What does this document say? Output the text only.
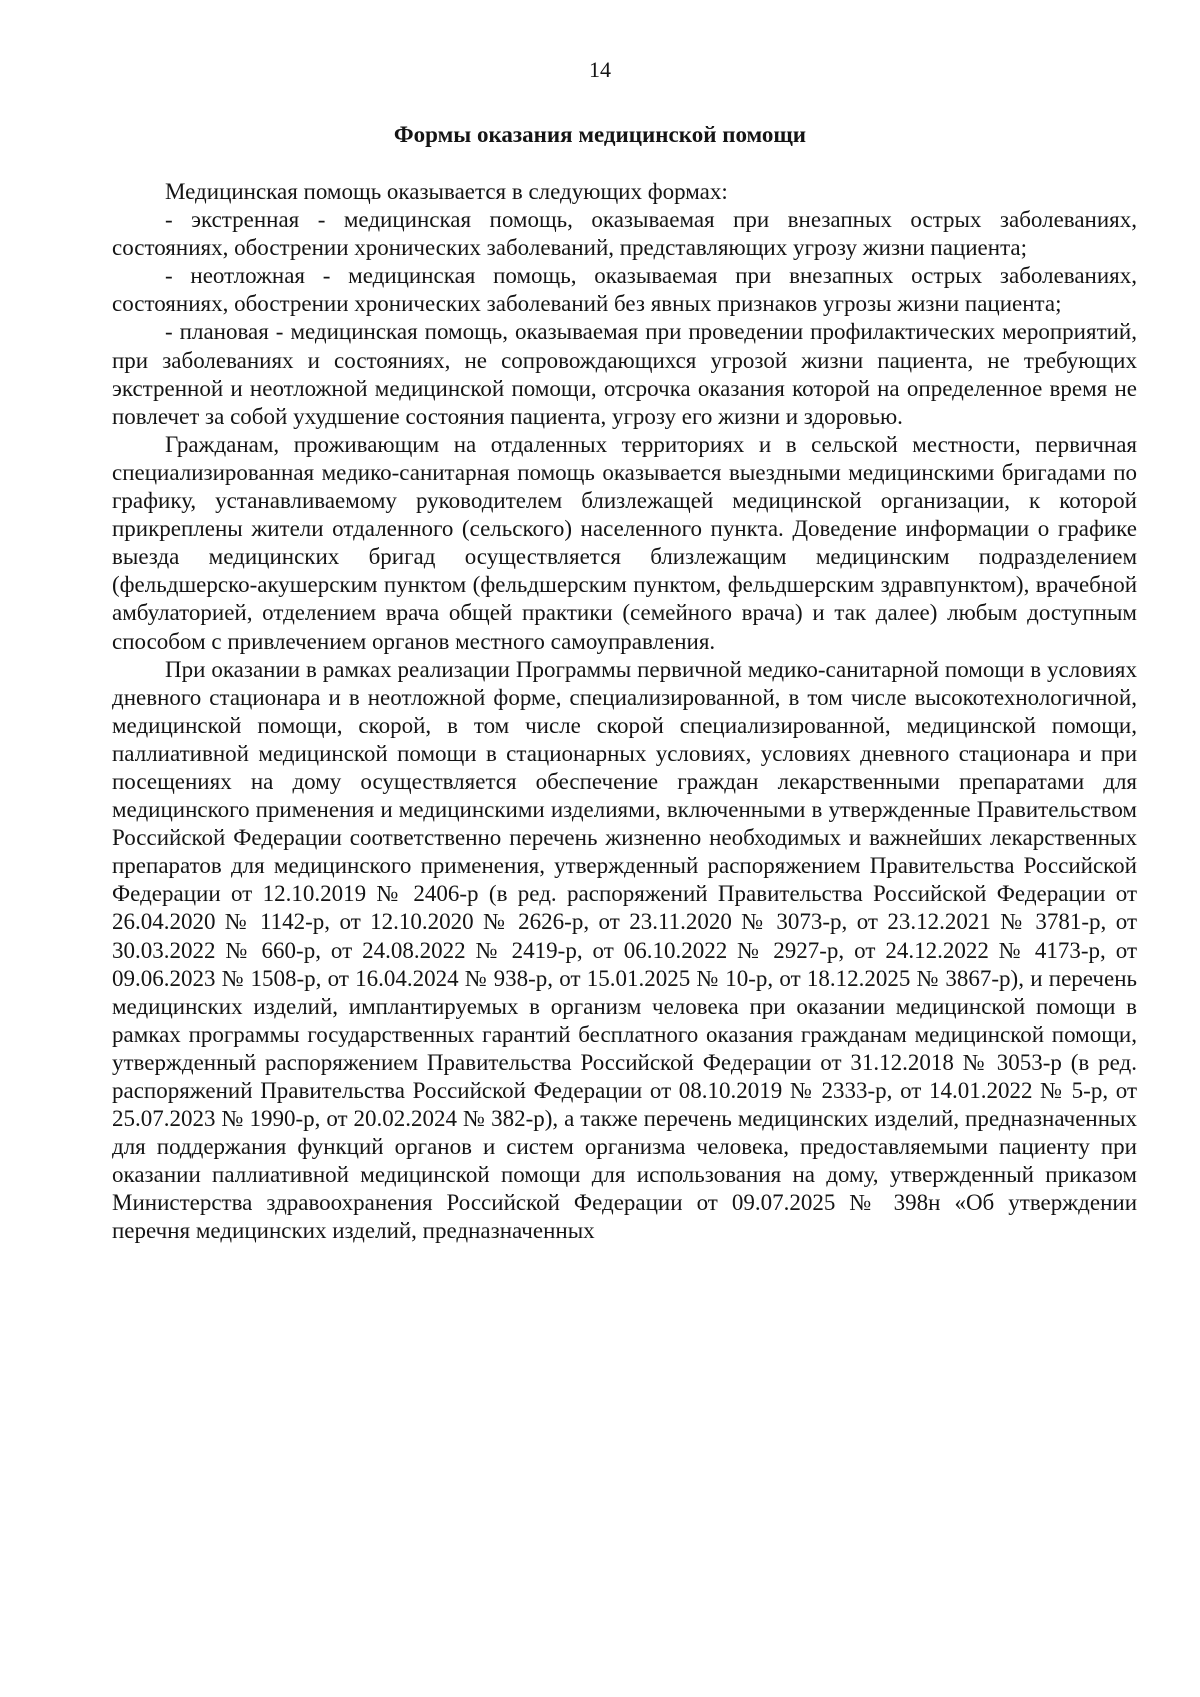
14
Формы оказания медицинской помощи

Медицинская помощь оказывается в следующих формах:

- экстренная - медицинская помощь, оказываемая при внезапных острых заболеваниях, состояниях, обострении хронических заболеваний, представляющих угрозу жизни пациента;

- неотложная - медицинская помощь, оказываемая при внезапных острых заболеваниях, состояниях, обострении хронических заболеваний без явных признаков угрозы жизни пациента;

- плановая - медицинская помощь, оказываемая при проведении профилактических мероприятий, при заболеваниях и состояниях, не сопровождающихся угрозой жизни пациента, не требующих экстренной и неотложной медицинской помощи, отсрочка оказания которой на определенное время не повлечет за собой ухудшение состояния пациента, угрозу его жизни и здоровью.

Гражданам, проживающим на отдаленных территориях и в сельской местности, первичная специализированная медико-санитарная помощь оказывается выездными медицинскими бригадами по графику, устанавливаемому руководителем близлежащей медицинской организации, к которой прикреплены жители отдаленного (сельского) населенного пункта. Доведение информации о графике выезда медицинских бригад осуществляется близлежащим медицинским подразделением (фельдшерско-акушерским пунктом (фельдшерским пунктом, фельдшерским здравпунктом), врачебной амбулаторией, отделением врача общей практики (семейного врача) и так далее) любым доступным способом с привлечением органов местного самоуправления.

При оказании в рамках реализации Программы первичной медико-санитарной помощи в условиях дневного стационара и в неотложной форме, специализированной, в том числе высокотехнологичной, медицинской помощи, скорой, в том числе скорой специализированной, медицинской помощи, паллиативной медицинской помощи в стационарных условиях, условиях дневного стационара и при посещениях на дому осуществляется обеспечение граждан лекарственными препаратами для медицинского применения и медицинскими изделиями, включенными в утвержденные Правительством Российской Федерации соответственно перечень жизненно необходимых и важнейших лекарственных препаратов для медицинского применения, утвержденный распоряжением Правительства Российской Федерации от 12.10.2019 № 2406-р (в ред. распоряжений Правительства Российской Федерации от 26.04.2020 № 1142-р, от 12.10.2020 № 2626-р, от 23.11.2020 № 3073-р, от 23.12.2021 № 3781-р, от 30.03.2022 № 660-р, от 24.08.2022 № 2419-р, от 06.10.2022 № 2927-р, от 24.12.2022 № 4173-р, от 09.06.2023 № 1508-р, от 16.04.2024 № 938-р, от 15.01.2025 № 10-р, от 18.12.2025 № 3867-р), и перечень медицинских изделий, имплантируемых в организм человека при оказании медицинской помощи в рамках программы государственных гарантий бесплатного оказания гражданам медицинской помощи, утвержденный распоряжением Правительства Российской Федерации от 31.12.2018 № 3053-р (в ред. распоряжений Правительства Российской Федерации от 08.10.2019 № 2333-р, от 14.01.2022 № 5-р, от 25.07.2023 № 1990-р, от 20.02.2024 № 382-р), а также перечень медицинских изделий, предназначенных для поддержания функций органов и систем организма человека, предоставляемыми пациенту при оказании паллиативной медицинской помощи для использования на дому, утвержденный приказом Министерства здравоохранения Российской Федерации от 09.07.2025 № 398н «Об утверждении перечня медицинских изделий, предназначенных
